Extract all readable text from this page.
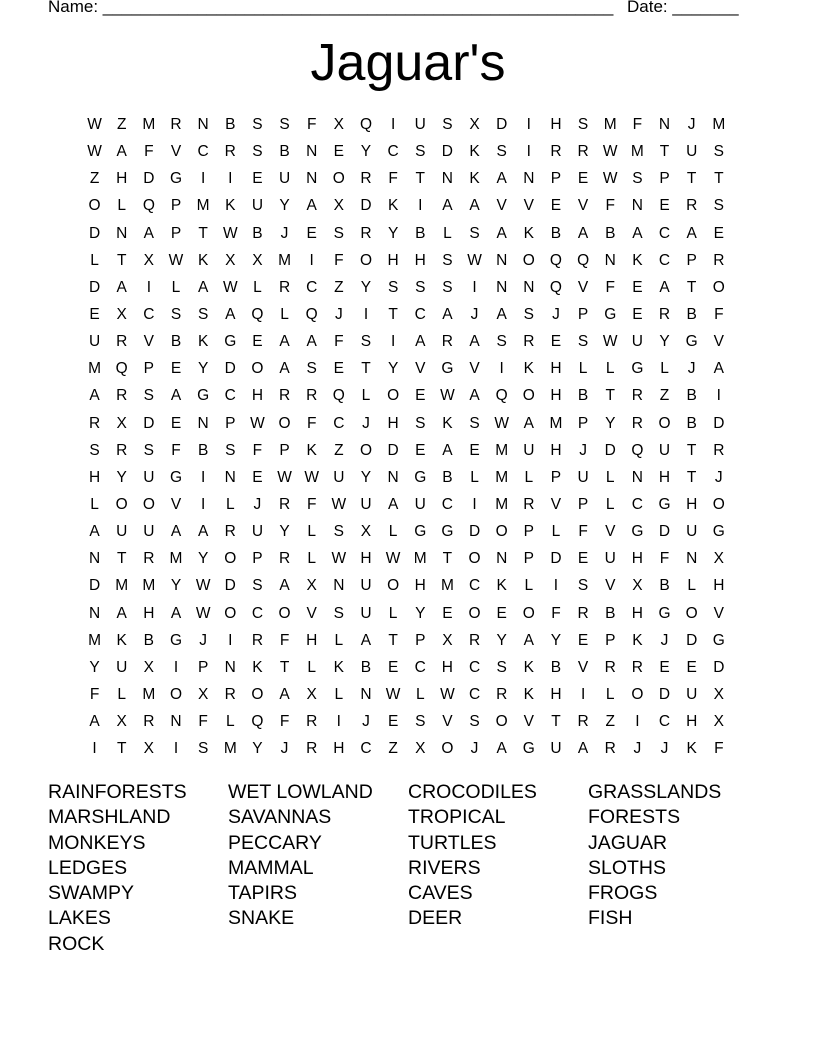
Name: ______________________________________________________ Date: _______
Jaguar's
W Z	M R	N	B	S	S	F	X	Q	I	U	S	X	D	I	H	S	M	F	N	J	M
W A	F	V	C	R	S	B	N	E	Y	C	S	D	K	S	I	R	R W M	T	U	S
Z	H	D	G	I	I	E	U	N	O	R	F	T	N	K	A	N	P	E W S	P	T	T
O	L	Q	P	M	K	U	Y	A	X	D	K	I	A	A	V	V	E	V	F	N	E	R	S
D	N	A	P	T W B	J	E	S	R	Y	B	L	S	A	K	B	A	B	A	C	A	E
L	T	X W K	X	X	M	I	F	O	H	H	S W N	O Q Q	N	K	C	P	R
D	A	I	L	A W	L	R	C	Z	Y	S	S	S	I	N	N	Q	V	F	E	A	T	O
E	X	C	S	S	A	Q	L	Q	J	I	T	C	A	J	A	S	J	P	G	E	R	B	F
U	R	V	B	K	G	E	A	A	F	S	I	A	R	A	S	R	E	S W U	Y	G	V
M Q	P	E	Y	D	O	A	S	E	T	Y	V	G	V	I	K	H	L	L	G	L	J	A
A	R	S	A	G	C	H	R	R	Q	L	O	E W A	Q O	H	B	T	R	Z	B	I
R	X	D	E	N	P W O	F	C	J	H	S	K	S W A	M	P	Y	R	O	B	D
S	R	S	F	B	S	F	P	K	Z	O	D	E	A	E	M U	H	J	D	Q	U	T	R
H	Y	U	G	I	N	E W W U	Y	N	G	B	L	M	L	P	U	L	N	H	T	J
L	O O	V	I	L	J	R	F W U	A	U	C	I	M R	V	P	L	C	G	H	O
A	U	U	A	A	R	U	Y	L	S	X	L	G G	D	O	P	L	F	V	G	D	U	G
N	T	R M	Y	O	P	R	L	W H W M	T	O	N	P	D	E	U	H	F	N	X
D M M	Y W D	S	A	X	N	U	O	H M C	K	L	I	S	V	X	B	L	H
N	A	H	A W O	C	O	V	S	U	L	Y	E	O	E	O	F	R	B	H	G O	V
M	K	B	G	J	I	R	F	H	L	A	T	P	X	R	Y	A	Y	E	P	K	J	D	G
Y	U	X	I	P	N	K	T	L	K	B	E	C	H	C	S	K	B	V	R	R	E	E	D
F	L	M O	X	R	O	A	X	L	N W	L	W C	R	K	H	I	L	O	D	U	X
A	X	R	N	F	L	Q	F	R	I	J	E	S	V	S	O	V	T	R	Z	I	C	H	X
I	T	X	I	S	M	Y	J	R	H	C	Z	X	O	J	A	G	U	A	R	J	J	K	F
RAINFORESTS	WET LOWLAND	CROCODILES	GRASSLANDS
MARSHLAND	SAVANNAS	TROPICAL	FORESTS
MONKEYS	PECCARY	TURTLES	JAGUAR
LEDGES	MAMMAL	RIVERS	SLOTHS
SWAMPY	TAPIRS	CAVES	FROGS
LAKES	SNAKE	DEER	FISH
ROCK
